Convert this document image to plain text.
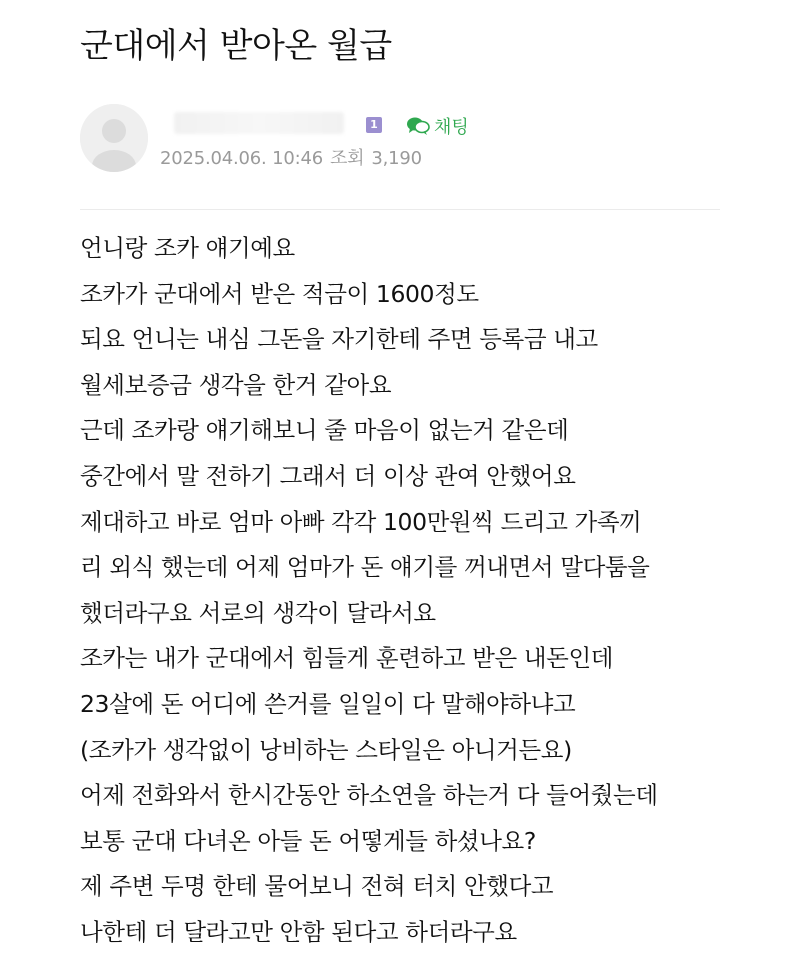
군대에서 받아온 월급
1	채팅
2025.04.06. 10:46 조회 3,190

언니랑 조카 얘기예요

조카가 군대에서 받은 적금이 1600정도

되요 언니는 내심 그돈을 자기한테 주면 등록금 내고

월세보증금 생각을 한거 같아요

근데 조카랑 얘기해보니 줄 마음이 없는거 같은데

중간에서 말 전하기 그래서 더 이상 관여 안했어요

제대하고 바로 엄마 아빠 각각 100만원씩 드리고 가족끼

리 외식 했는데 어제 엄마가 돈 얘기를 꺼내면서 말다툼을

했더라구요 서로의 생각이 달라서요

조카는 내가 군대에서 힘들게 훈련하고 받은 내돈인데

23살에 돈 어디에 쓴거를 일일이 다 말해야하냐고

(조카가 생각없이 낭비하는 스타일은 아니거든요)

어제 전화와서 한시간동안 하소연을 하는거 다 들어줬는데

보통 군대 다녀온 아들 돈 어떻게들 하셨나요?

제 주변 두명 한테 물어보니 전혀 터치 안했다고

나한테 더 달라고만 안함 된다고 하더라구요
